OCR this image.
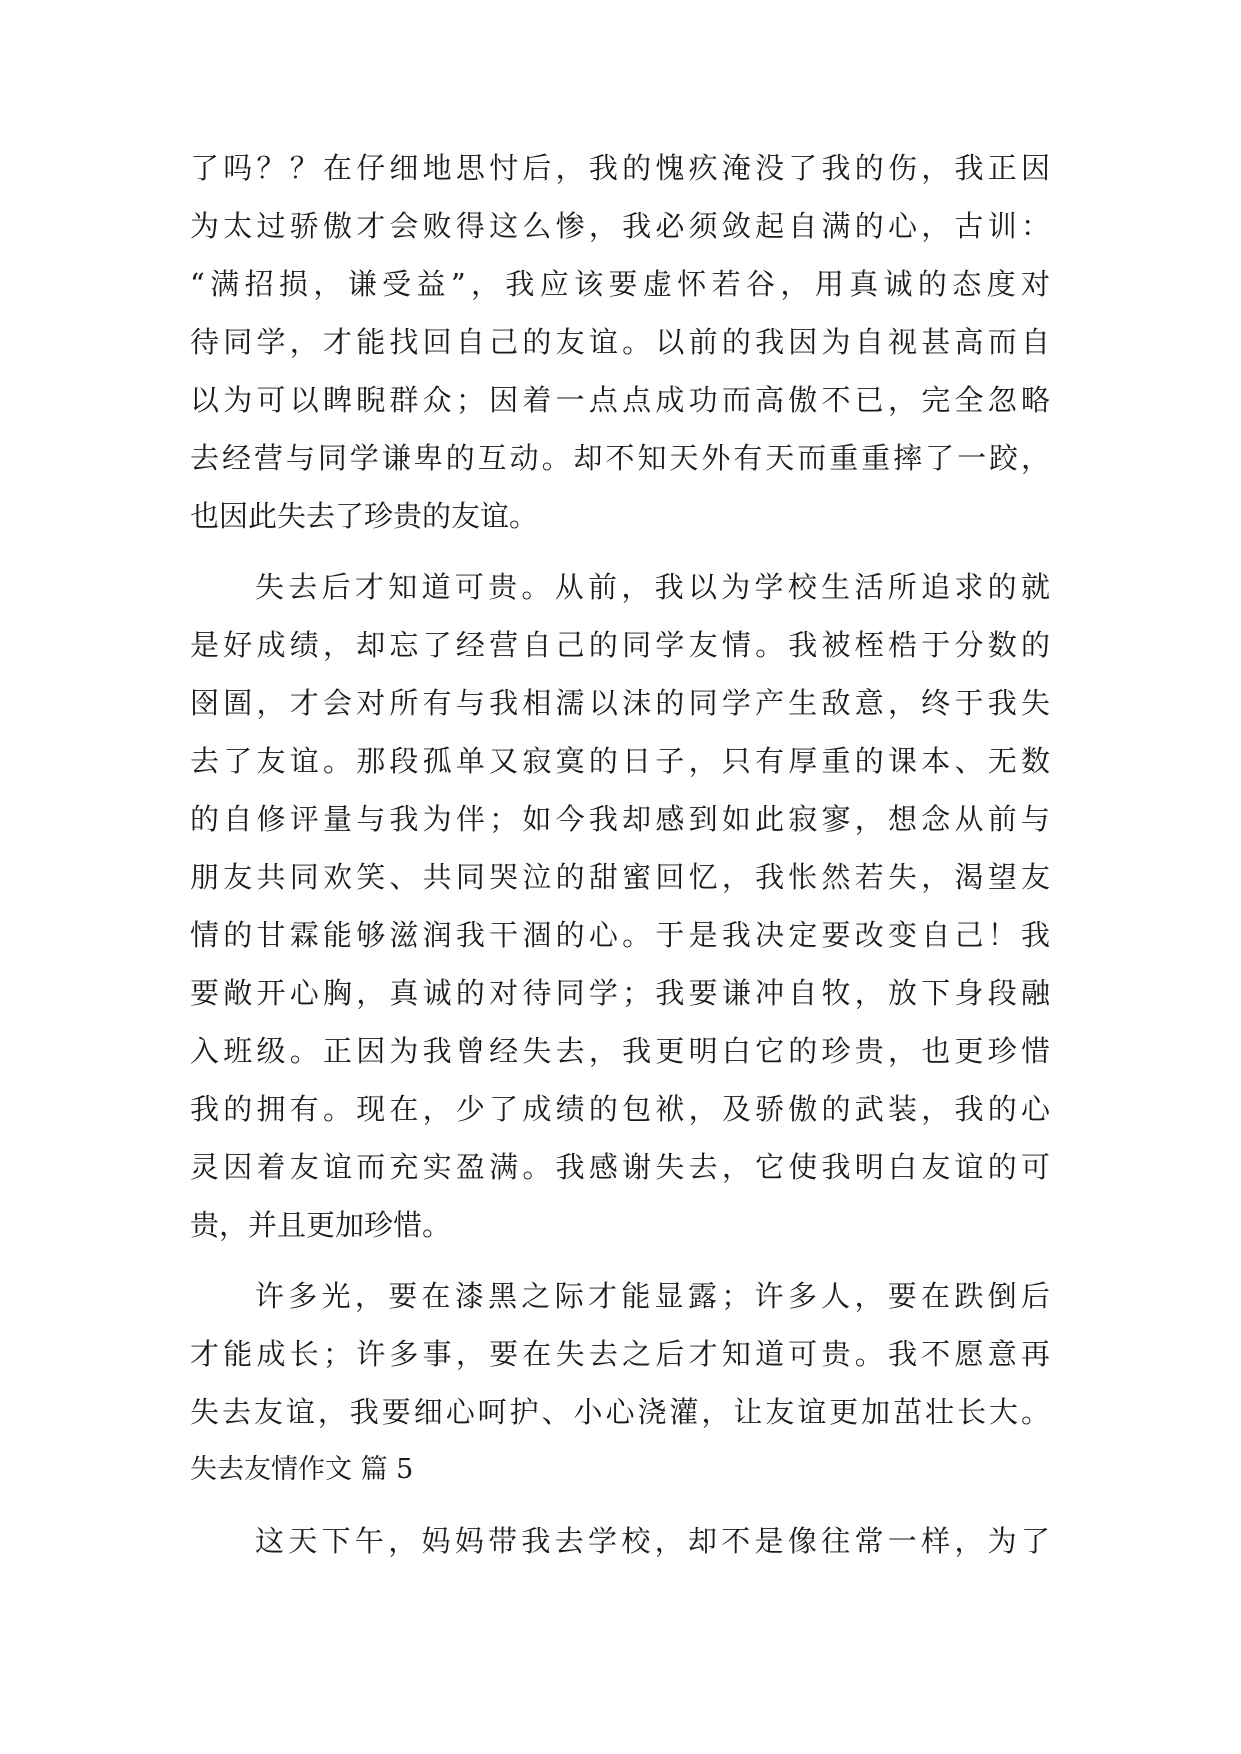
了吗？？在仔细地思忖后，我的愧疚淹没了我的伤，我正因
为太过骄傲才会败得这么惨，我必须敛起自满的心，古训：
“满招损，谦受益”，我应该要虚怀若谷，用真诚的态度对
待同学，才能找回自己的友谊。以前的我因为自视甚高而自
以为可以睥睨群众；因着一点点成功而高傲不已，完全忽略
去经营与同学谦卑的互动。却不知天外有天而重重摔了一跤，
也因此失去了珍贵的友谊。
失去后才知道可贵。从前，我以为学校生活所追求的就
是好成绩，却忘了经营自己的同学友情。我被桎梏于分数的
囹圄，才会对所有与我相濡以沫的同学产生敌意，终于我失
去了友谊。那段孤单又寂寞的日子，只有厚重的课本、无数
的自修评量与我为伴；如今我却感到如此寂寥，想念从前与
朋友共同欢笑、共同哭泣的甜蜜回忆，我怅然若失，渴望友
情的甘霖能够滋润我干涸的心。于是我决定要改变自己！我
要敞开心胸，真诚的对待同学；我要谦冲自牧，放下身段融
入班级。正因为我曾经失去，我更明白它的珍贵，也更珍惜
我的拥有。现在，少了成绩的包袱，及骄傲的武装，我的心
灵因着友谊而充实盈满。我感谢失去，它使我明白友谊的可
贵，并且更加珍惜。
许多光，要在漆黑之际才能显露；许多人，要在跌倒后
才能成长；许多事，要在失去之后才知道可贵。我不愿意再
失去友谊，我要细心呵护、小心浇灌，让友谊更加茁壮长大。
失去友情作文 篇 5
这天下午，妈妈带我去学校，却不是像往常一样，为了
